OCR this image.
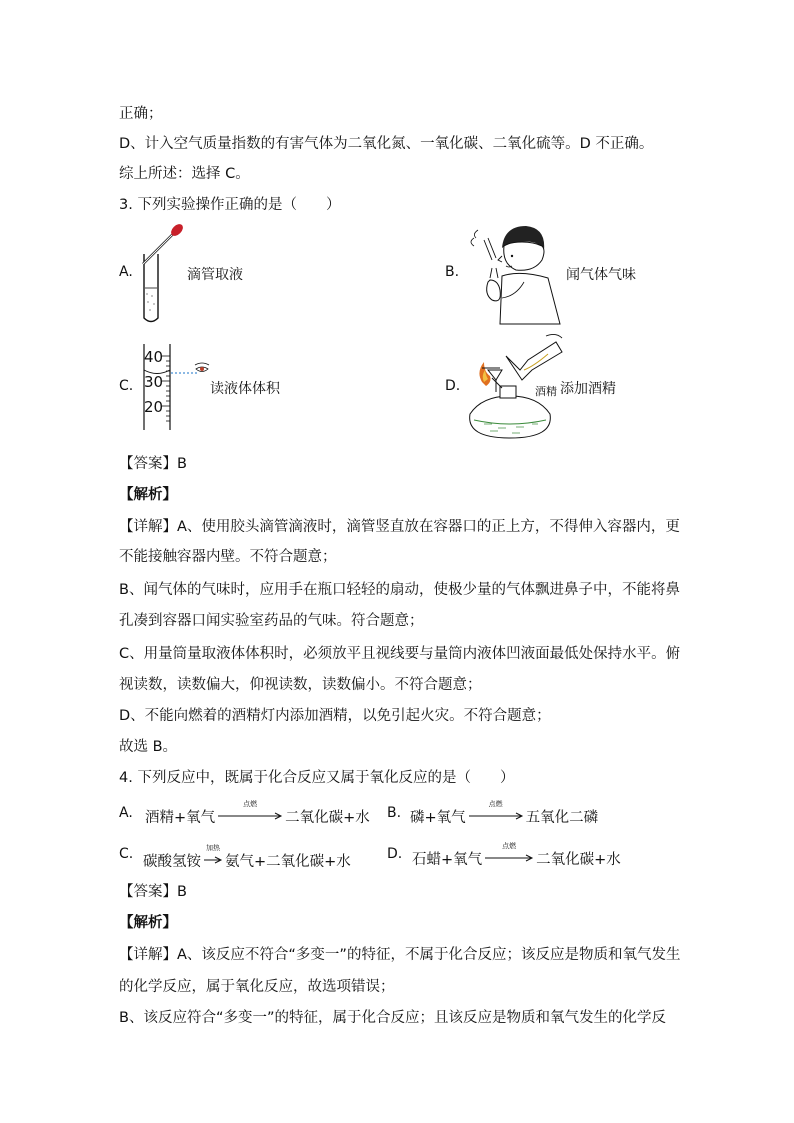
正确；
D、计入空气质量指数的有害气体为二氧化氮、一氧化碳、二氧化硫等。D 不正确。
综上所述：选择 C。
3. 下列实验操作正确的是（　　）
A.	滴管取液	B.	闻气体气味
C.
40
30
20
读液体体积	D.	酒精 添加酒精
【答案】B
【解析】
【详解】A、使用胶头滴管滴液时，滴管竖直放在容器口的正上方，不得伸入容器内，更
不能接触容器内壁。不符合题意；
B、闻气体的气味时，应用手在瓶口轻轻的扇动，使极少量的气体飘进鼻子中，不能将鼻
孔凑到容器口闻实验室药品的气味。符合题意；
C、用量筒量取液体体积时，必须放平且视线要与量筒内液体凹液面最低处保持水平。俯
视读数，读数偏大，仰视读数，读数偏小。不符合题意；
D、不能向燃着的酒精灯内添加酒精，以免引起火灾。不符合题意；
故选 B。
4. 下列反应中，既属于化合反应又属于氧化反应的是（　　）
A. 酒精+氧气
点燃
二氧化碳+水 B. 磷+氧气
点燃
五氧化二磷
C. 碳酸氢铵
加热
氨气+二氧化碳+水	D. 石蜡+氧气
点燃
二氧化碳+水
【答案】B
【解析】
【详解】A、该反应不符合“多变一”的特征，不属于化合反应；该反应是物质和氧气发生
的化学反应，属于氧化反应，故选项错误；
B、该反应符合“多变一”的特征，属于化合反应；且该反应是物质和氧气发生的化学反
